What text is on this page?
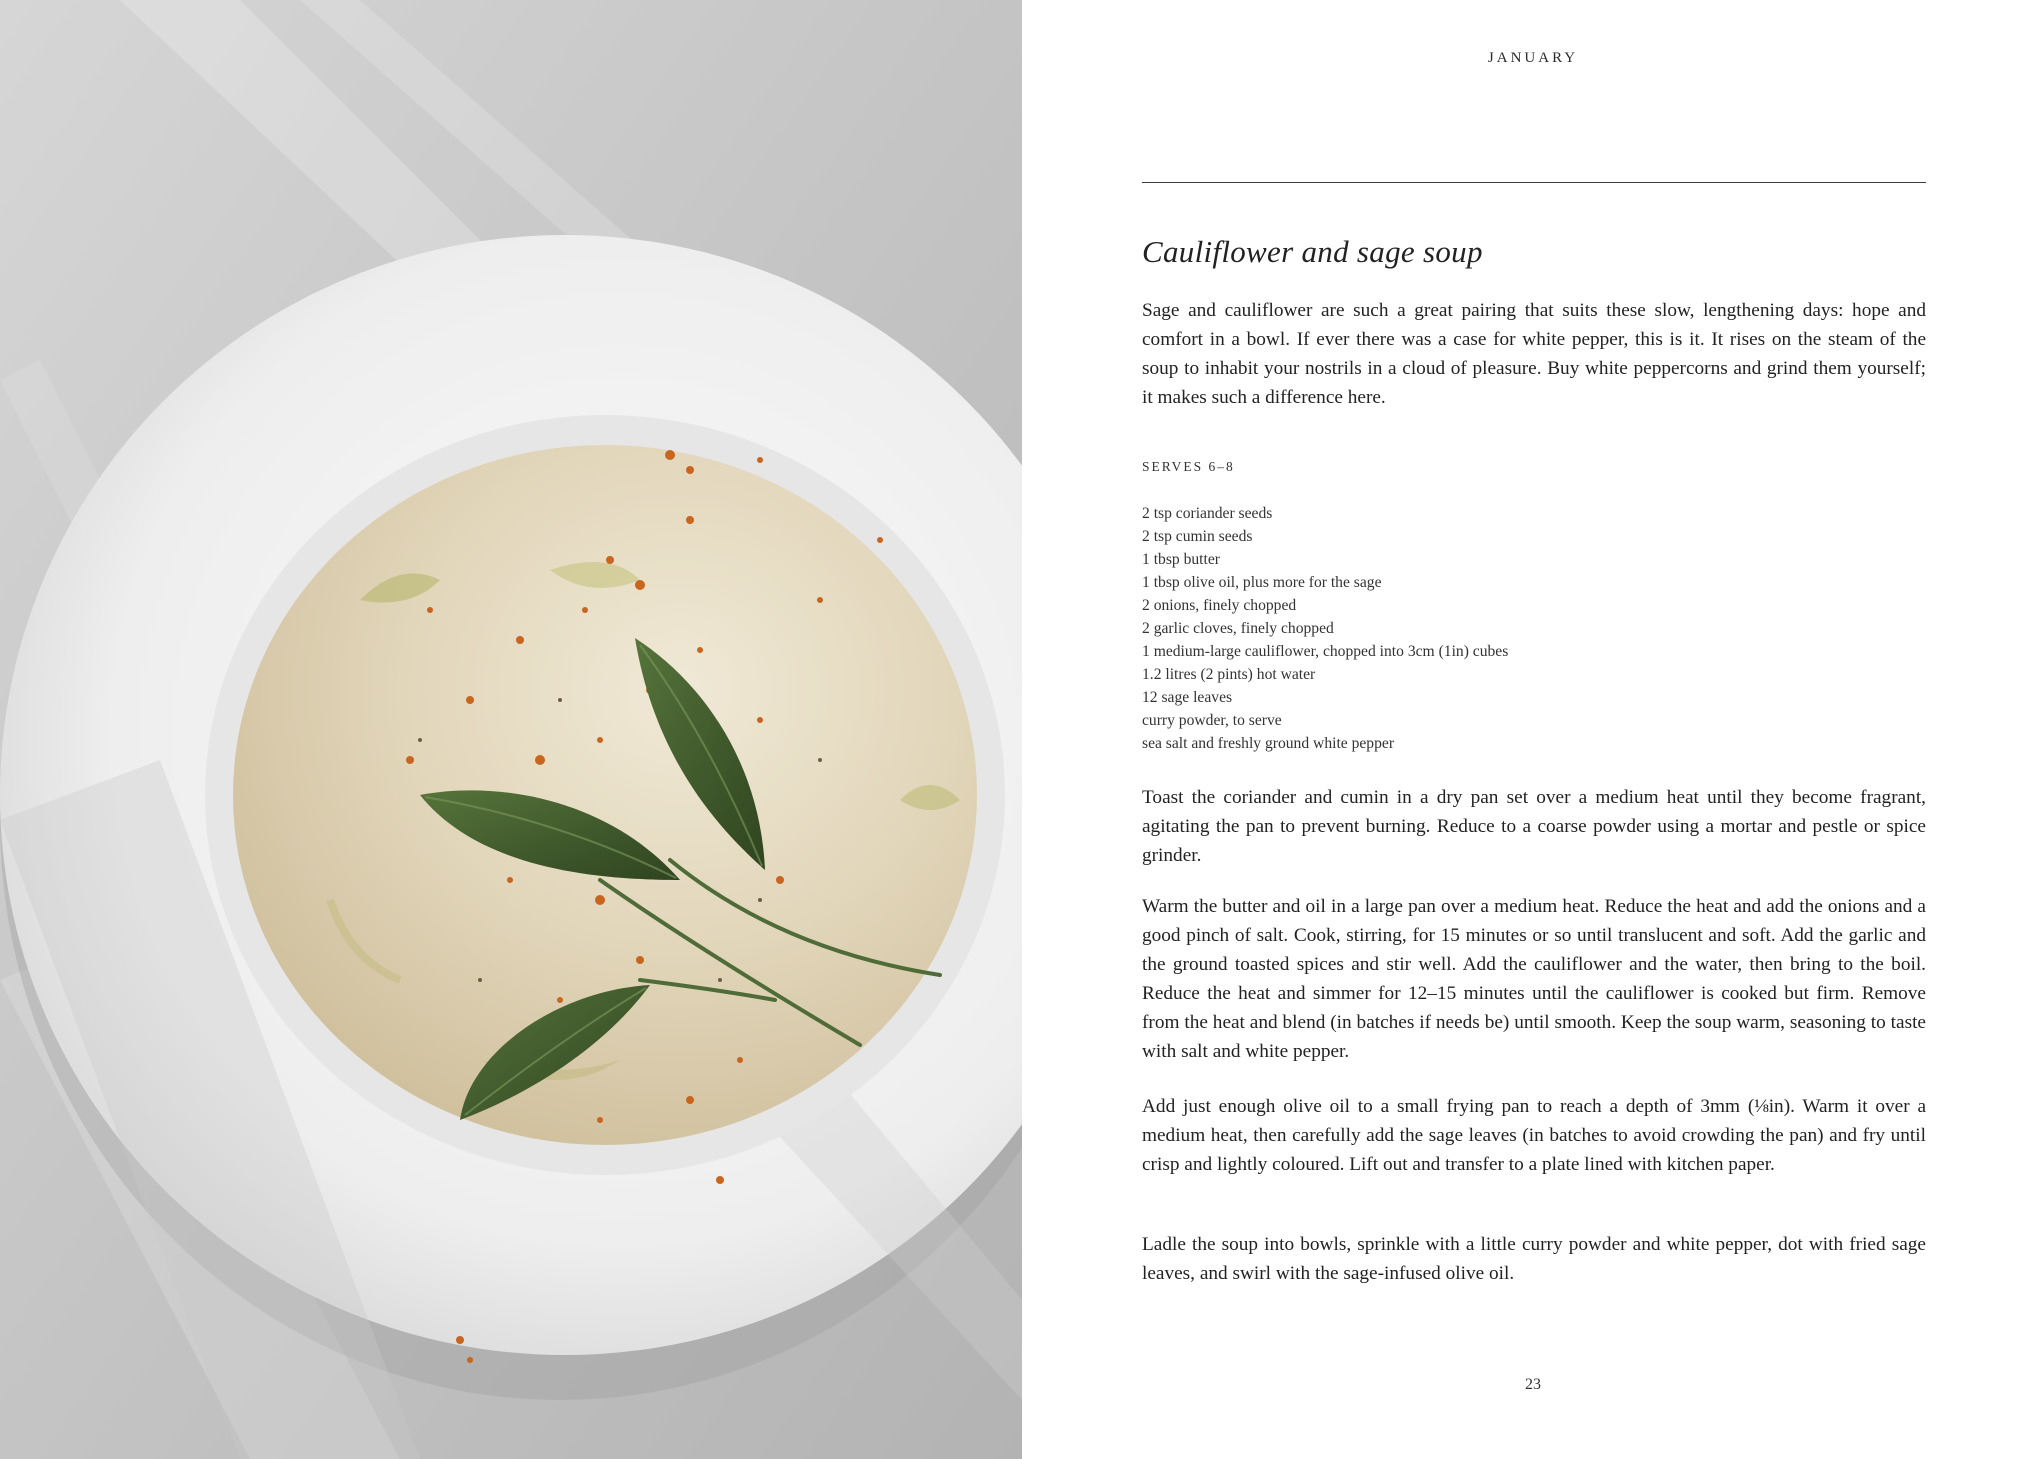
JANUARY
Cauliflower and sage soup

Sage and cauliflower are such a great pairing that suits these slow, lengthening days: hope and comfort in a bowl. If ever there was a case for white pepper, this is it. It rises on the steam of the soup to inhabit your nostrils in a cloud of pleasure. Buy white peppercorns and grind them yourself; it makes such a difference here.

SERVES 6–8
2 tsp coriander seeds
2 tsp cumin seeds
1 tbsp butter
1 tbsp olive oil, plus more for the sage
2 onions, finely chopped
2 garlic cloves, finely chopped
1 medium-large cauliflower, chopped into 3cm (1in) cubes
1.2 litres (2 pints) hot water
12 sage leaves
curry powder, to serve
sea salt and freshly ground white pepper

Toast the coriander and cumin in a dry pan set over a medium heat until they become fragrant, agitating the pan to prevent burning. Reduce to a coarse powder using a mortar and pestle or spice grinder.

Warm the butter and oil in a large pan over a medium heat. Reduce the heat and add the onions and a good pinch of salt. Cook, stirring, for 15 minutes or so until translucent and soft. Add the garlic and the ground toasted spices and stir well. Add the cauliflower and the water, then bring to the boil. Reduce the heat and simmer for 12–15 minutes until the cauliflower is cooked but firm. Remove from the heat and blend (in batches if needs be) until smooth. Keep the soup warm, seasoning to taste with salt and white pepper.

Add just enough olive oil to a small frying pan to reach a depth of 3mm (⅛in). Warm it over a medium heat, then carefully add the sage leaves (in batches to avoid crowding the pan) and fry until crisp and lightly coloured. Lift out and transfer to a plate lined with kitchen paper.

Ladle the soup into bowls, sprinkle with a little curry powder and white pepper, dot with fried sage leaves, and swirl with the sage-infused olive oil.

23
